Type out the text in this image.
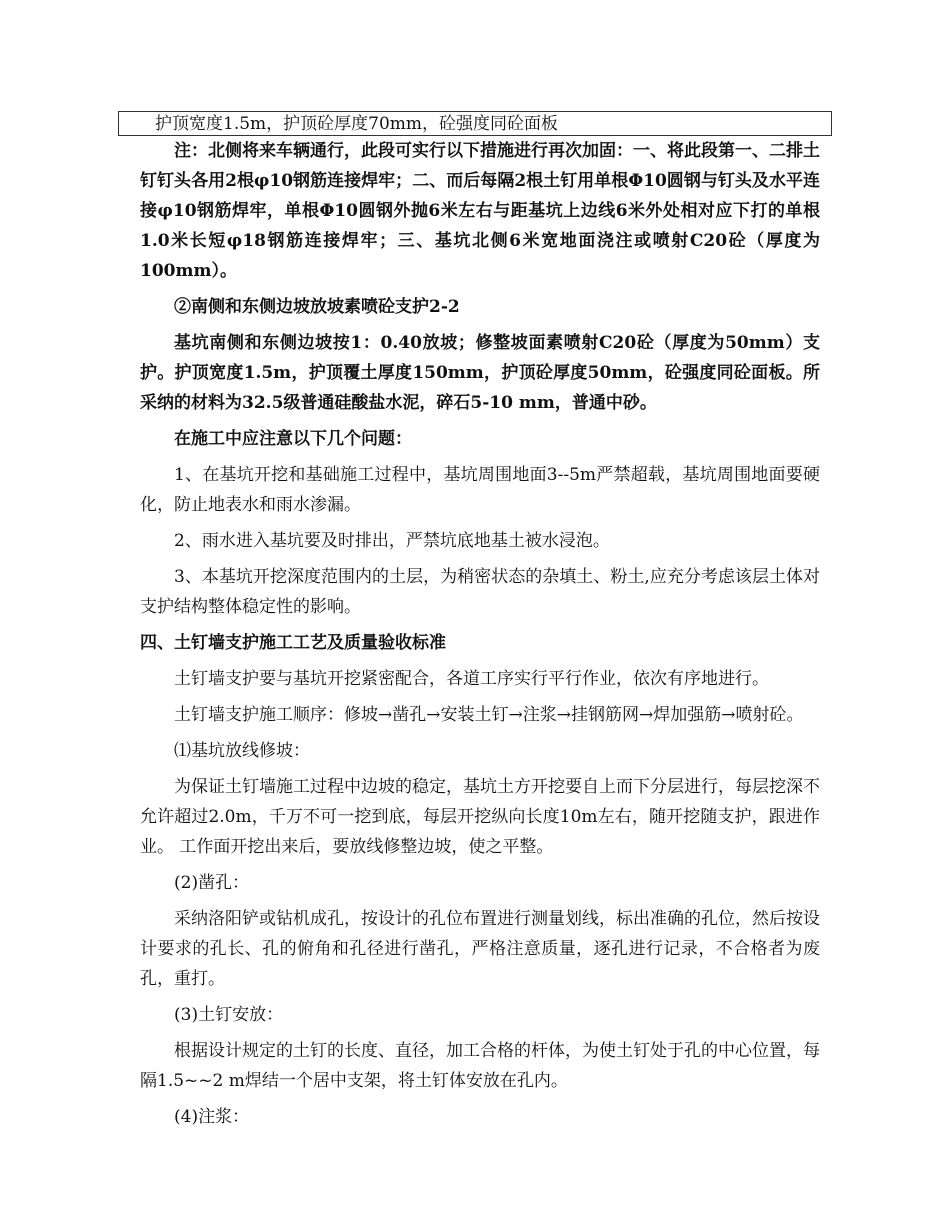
护顶宽度1.5m，护顶砼厚度70mm，砼强度同砼面板

注：北侧将来车辆通行，此段可实行以下措施进行再次加固：一、将此段第一、二排土钉钉头各用2根φ10钢筋连接焊牢；二、而后每隔2根土钉用单根Φ10圆钢与钉头及水平连接φ10钢筋焊牢，单根Φ10圆钢外抛6米左右与距基坑上边线6米外处相对应下打的单根1.0米长短φ18钢筋连接焊牢；三、基坑北侧6米宽地面浇注或喷射C20砼（厚度为100mm）。

②南侧和东侧边坡放坡素喷砼支护2-2

基坑南侧和东侧边坡按1：0.40放坡；修整坡面素喷射C20砼（厚度为50mm）支护。护顶宽度1.5m，护顶覆土厚度150mm，护顶砼厚度50mm，砼强度同砼面板。所采纳的材料为32.5级普通硅酸盐水泥，碎石5-10 mm，普通中砂。

在施工中应注意以下几个问题：

1、在基坑开挖和基础施工过程中，基坑周围地面3--5m严禁超载，基坑周围地面要硬化，防止地表水和雨水渗漏。

2、雨水进入基坑要及时排出，严禁坑底地基土被水浸泡。

3、本基坑开挖深度范围内的土层，为稍密状态的杂填土、粉土,应充分考虑该层土体对支护结构整体稳定性的影响。

四、土钉墙支护施工工艺及质量验收标准

土钉墙支护要与基坑开挖紧密配合，各道工序实行平行作业，依次有序地进行。

土钉墙支护施工顺序：修坡→凿孔→安装土钉→注浆→挂钢筋网→焊加强筋→喷射砼。

⑴基坑放线修坡：

为保证土钉墙施工过程中边坡的稳定，基坑土方开挖要自上而下分层进行，每层挖深不允许超过2.0m，千万不可一挖到底，每层开挖纵向长度10m左右，随开挖随支护，跟进作业。 工作面开挖出来后，要放线修整边坡，使之平整。

(2)凿孔：

采纳洛阳铲或钻机成孔，按设计的孔位布置进行测量划线，标出准确的孔位，然后按设计要求的孔长、孔的俯角和孔径进行凿孔，严格注意质量，逐孔进行记录，不合格者为废孔，重打。

(3)土钉安放：

根据设计规定的土钉的长度、直径，加工合格的杆体，为使土钉处于孔的中心位置，每隔1.5~~2 m焊结一个居中支架，将土钉体安放在孔内。

(4)注浆：
